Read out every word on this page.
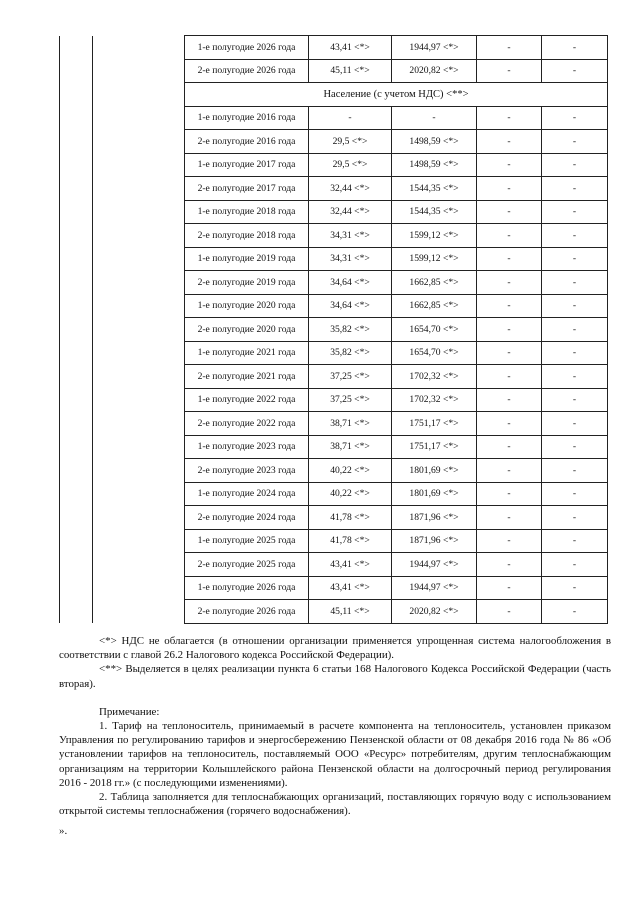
		1-е полугодие 2026 года	43,41 <*>	1944,97 <*>	-	-
		2-е полугодие 2026 года	45,11 <*>	2020,82 <*>	-	-
		Население (с учетом НДС) <**>				
		1-е полугодие 2016 года	-	-	-	-
		2-е полугодие 2016 года	29,5 <*>	1498,59 <*>	-	-
		1-е полугодие 2017 года	29,5 <*>	1498,59 <*>	-	-
		2-е полугодие 2017 года	32,44 <*>	1544,35 <*>	-	-
		1-е полугодие 2018 года	32,44 <*>	1544,35 <*>	-	-
		2-е полугодие 2018 года	34,31 <*>	1599,12 <*>	-	-
		1-е полугодие 2019 года	34,31 <*>	1599,12 <*>	-	-
		2-е полугодие 2019 года	34,64 <*>	1662,85 <*>	-	-
		1-е полугодие 2020 года	34,64 <*>	1662,85 <*>	-	-
		2-е полугодие 2020 года	35,82 <*>	1654,70 <*>	-	-
		1-е полугодие 2021 года	35,82 <*>	1654,70 <*>	-	-
		2-е полугодие 2021 года	37,25 <*>	1702,32 <*>	-	-
		1-е полугодие 2022 года	37,25 <*>	1702,32 <*>	-	-
		2-е полугодие 2022 года	38,71 <*>	1751,17 <*>	-	-
		1-е полугодие 2023 года	38,71 <*>	1751,17 <*>	-	-
		2-е полугодие 2023 года	40,22 <*>	1801,69 <*>	-	-
		1-е полугодие 2024 года	40,22 <*>	1801,69 <*>	-	-
		2-е полугодие 2024 года	41,78 <*>	1871,96 <*>	-	-
		1-е полугодие 2025 года	41,78 <*>	1871,96 <*>	-	-
		2-е полугодие 2025 года	43,41 <*>	1944,97 <*>	-	-
		1-е полугодие 2026 года	43,41 <*>	1944,97 <*>	-	-
		2-е полугодие 2026 года	45,11 <*>	2020,82 <*>	-	-

<*> НДС не облагается (в отношении организации применяется упрощенная система налогообложения в соответствии с главой 26.2 Налогового кодекса Российской Федерации).

<**> Выделяется в целях реализации пункта 6 статьи 168 Налогового Кодекса Российской Федерации (часть вторая).

Примечание:

1. Тариф на теплоноситель, принимаемый в расчете компонента на теплоноситель, установлен приказом Управления по регулированию тарифов и энергосбережению Пензенской области от 08 декабря 2016 года № 86 «Об установлении тарифов на теплоноситель, поставляемый ООО «Ресурс» потребителям, другим теплоснабжающим организациям на территории Колышлейского района Пензенской области на долгосрочный период регулирования 2016 - 2018 гг.» (с последующими изменениями).

2. Таблица заполняется для теплоснабжающих организаций, поставляющих горячую воду с использованием открытой системы теплоснабжения (горячего водоснабжения).

».
